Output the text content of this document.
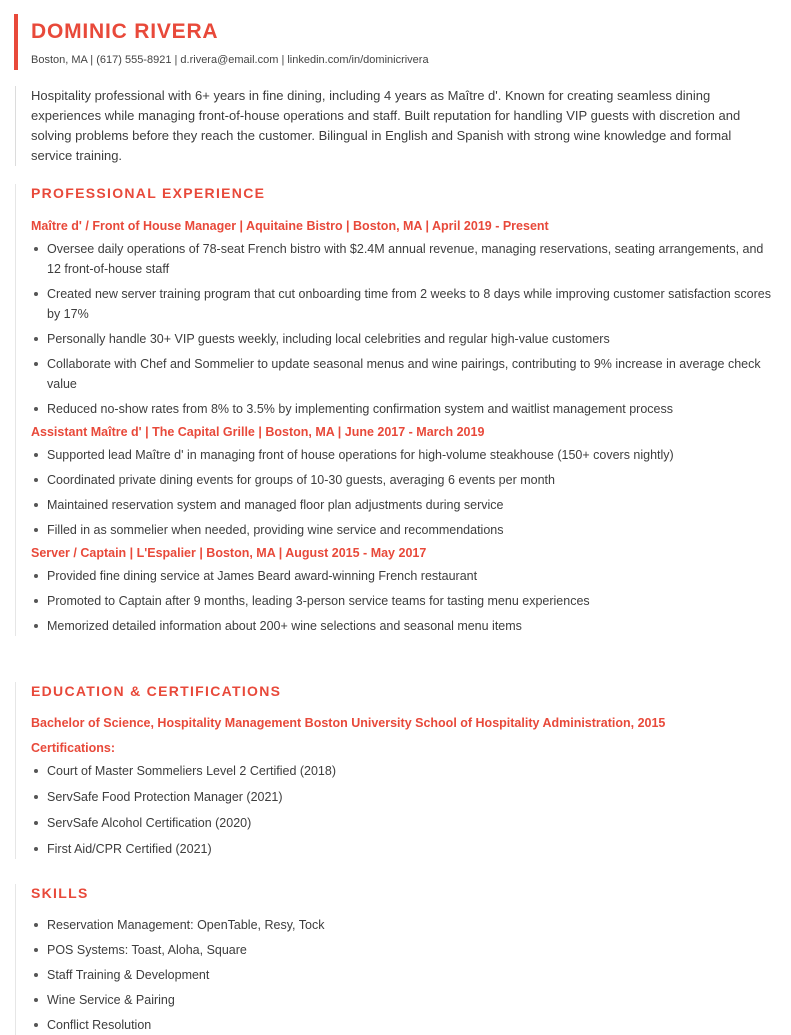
DOMINIC RIVERA
Boston, MA | (617) 555-8921 | d.rivera@email.com | linkedin.com/in/dominicrivera
Hospitality professional with 6+ years in fine dining, including 4 years as Maître d'. Known for creating seamless dining experiences while managing front-of-house operations and staff. Built reputation for handling VIP guests with discretion and solving problems before they reach the customer. Bilingual in English and Spanish with strong wine knowledge and formal service training.
PROFESSIONAL EXPERIENCE
Maître d' / Front of House Manager | Aquitaine Bistro | Boston, MA | April 2019 - Present
Oversee daily operations of 78-seat French bistro with $2.4M annual revenue, managing reservations, seating arrangements, and 12 front-of-house staff
Created new server training program that cut onboarding time from 2 weeks to 8 days while improving customer satisfaction scores by 17%
Personally handle 30+ VIP guests weekly, including local celebrities and regular high-value customers
Collaborate with Chef and Sommelier to update seasonal menus and wine pairings, contributing to 9% increase in average check value
Reduced no-show rates from 8% to 3.5% by implementing confirmation system and waitlist management process
Assistant Maître d' | The Capital Grille | Boston, MA | June 2017 - March 2019
Supported lead Maître d' in managing front of house operations for high-volume steakhouse (150+ covers nightly)
Coordinated private dining events for groups of 10-30 guests, averaging 6 events per month
Maintained reservation system and managed floor plan adjustments during service
Filled in as sommelier when needed, providing wine service and recommendations
Server / Captain | L'Espalier | Boston, MA | August 2015 - May 2017
Provided fine dining service at James Beard award-winning French restaurant
Promoted to Captain after 9 months, leading 3-person service teams for tasting menu experiences
Memorized detailed information about 200+ wine selections and seasonal menu items
EDUCATION & CERTIFICATIONS
Bachelor of Science, Hospitality Management Boston University School of Hospitality Administration, 2015
Certifications:
Court of Master Sommeliers Level 2 Certified (2018)
ServSafe Food Protection Manager (2021)
ServSafe Alcohol Certification (2020)
First Aid/CPR Certified (2021)
SKILLS
Reservation Management: OpenTable, Resy, Tock
POS Systems: Toast, Aloha, Square
Staff Training & Development
Wine Service & Pairing
Conflict Resolution
